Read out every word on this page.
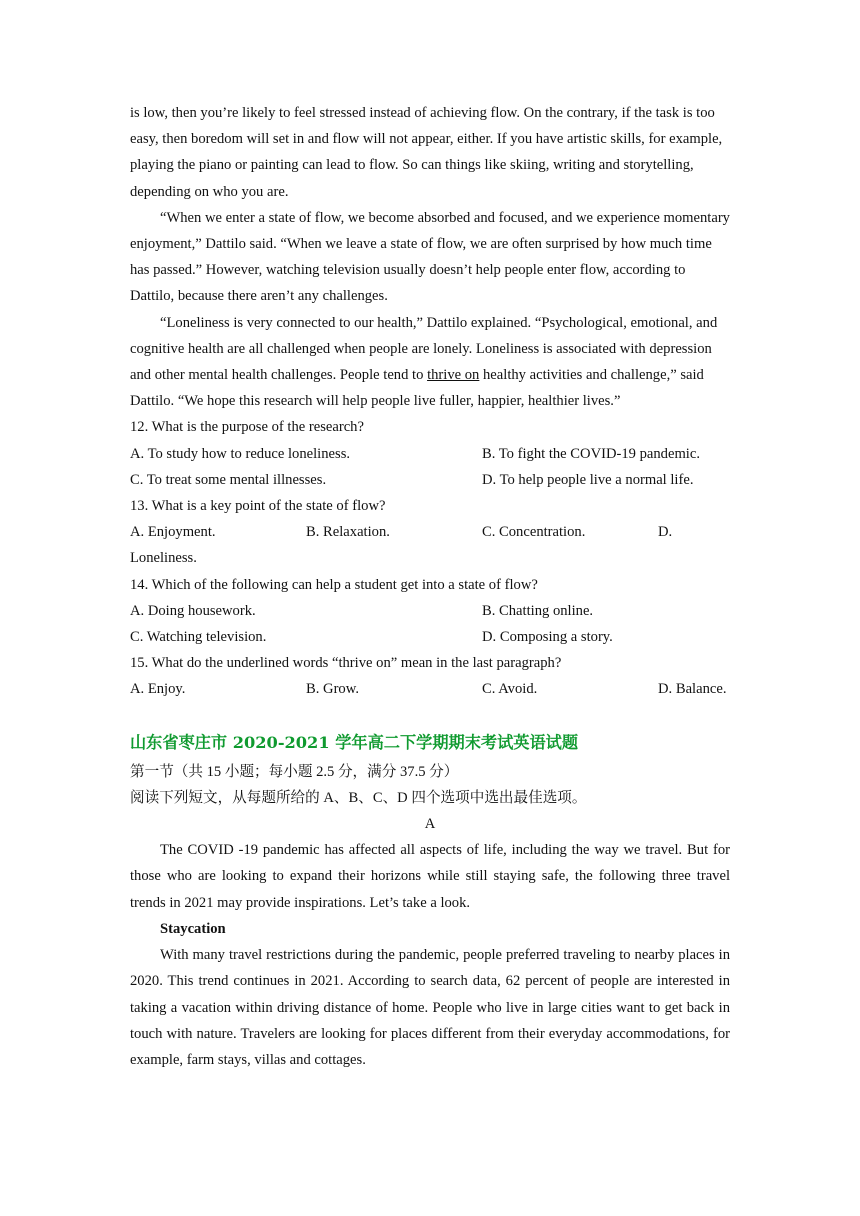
is low, then you’re likely to feel stressed instead of achieving flow. On the contrary, if the task is too easy, then boredom will set in and flow will not appear, either. If you have artistic skills, for example, playing the piano or painting can lead to flow. So can things like skiing, writing and storytelling, depending on who you are.

“When we enter a state of flow, we become absorbed and focused, and we experience momentary enjoyment,” Dattilo said. “When we leave a state of flow, we are often surprised by how much time has passed.” However, watching television usually doesn’t help people enter flow, according to Dattilo, because there aren’t any challenges.

“Loneliness is very connected to our health,” Dattilo explained. “Psychological, emotional, and cognitive health are all challenged when people are lonely. Loneliness is associated with depression and other mental health challenges. People tend to thrive on healthy activities and challenge,” said Dattilo. “We hope this research will help people live fuller, happier, healthier lives.”

12. What is the purpose of the research?

A. To study how to reduce loneliness.	B. To fight the COVID-19 pandemic.
C. To treat some mental illnesses.	D. To help people live a normal life.

13. What is a key point of the state of flow?

A. Enjoyment.	B. Relaxation.	C. Concentration.	D.
Loneliness.

14. Which of the following can help a student get into a state of flow?

A. Doing housework.	B. Chatting online.
C. Watching television.	D. Composing a story.

15. What do the underlined words “thrive on” mean in the last paragraph?

A. Enjoy.	B. Grow.	C. Avoid.	D. Balance.

山东省枣庄市 2020-2021 学年高二下学期期末考试英语试题

第一节（共 15 小题；每小题 2.5 分，满分 37.5 分）

阅读下列短文，从每题所给的 A、B、C、D 四个选项中选出最佳选项。

A

The COVID -19 pandemic has affected all aspects of life, including the way we travel. But for those who are looking to expand their horizons while still staying safe, the following three travel trends in 2021 may provide inspirations. Let’s take a look.

Staycation

With many travel restrictions during the pandemic, people preferred traveling to nearby places in 2020. This trend continues in 2021. According to search data, 62 percent of people are interested in taking a vacation within driving distance of home. People who live in large cities want to get back in touch with nature. Travelers are looking for places different from their everyday accommodations, for example, farm stays, villas and cottages.
